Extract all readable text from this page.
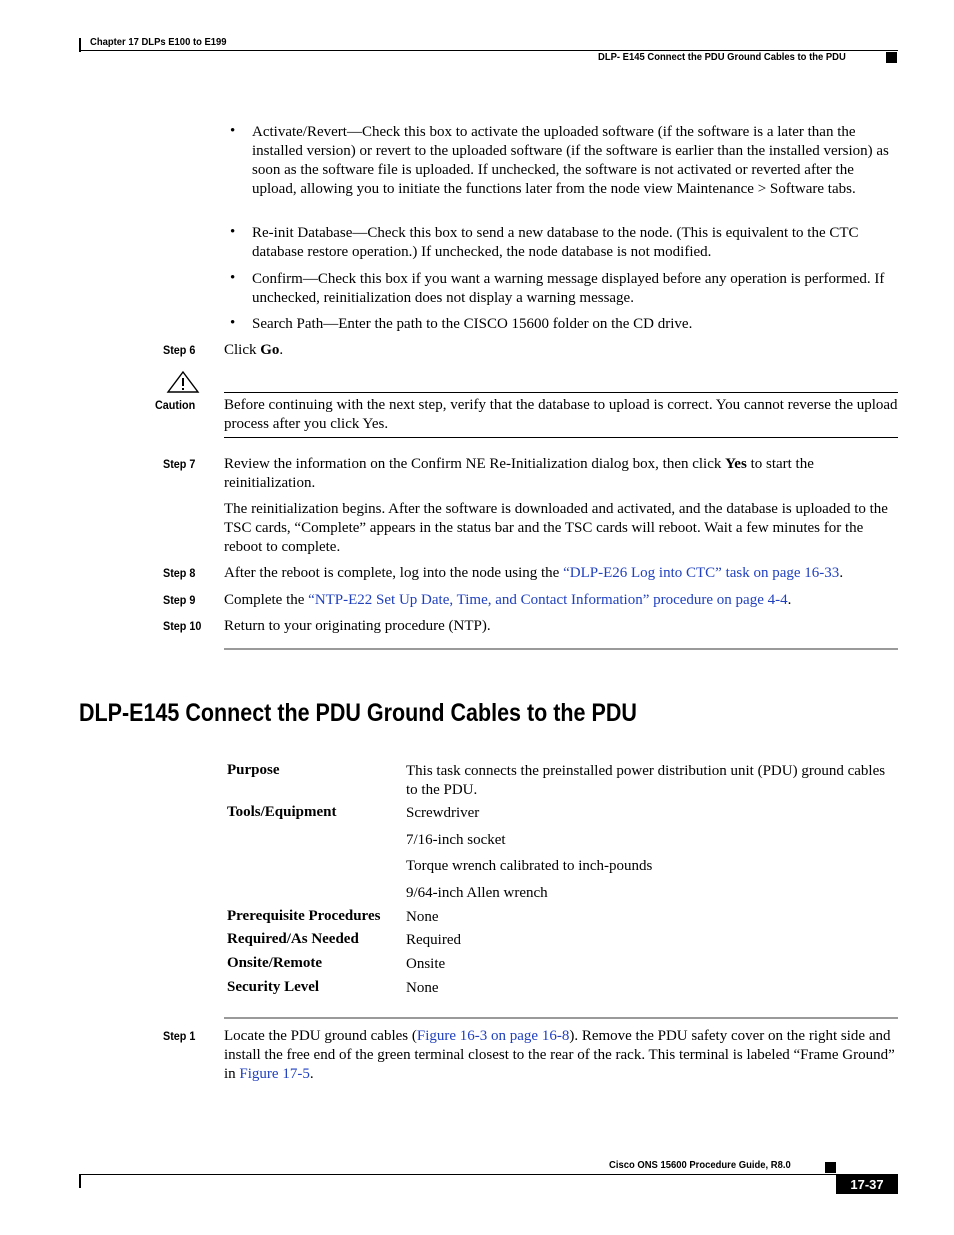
Chapter 17 DLPs E100 to E199
DLP- E145 Connect the PDU Ground Cables to the PDU
• Activate/Revert—Check this box to activate the uploaded software (if the software is a later than the installed version) or revert to the uploaded software (if the software is earlier than the installed version) as soon as the software file is uploaded. If unchecked, the software is not activated or reverted after the upload, allowing you to initiate the functions later from the node view Maintenance > Software tabs.
• Re-init Database—Check this box to send a new database to the node. (This is equivalent to the CTC database restore operation.) If unchecked, the node database is not modified.
• Confirm—Check this box if you want a warning message displayed before any operation is performed. If unchecked, reinitialization does not display a warning message.
• Search Path—Enter the path to the CISCO 15600 folder on the CD drive.
Step 6 Click Go.
Caution Before continuing with the next step, verify that the database to upload is correct. You cannot reverse the upload process after you click Yes.
Step 7 Review the information on the Confirm NE Re-Initialization dialog box, then click Yes to start the reinitialization.
The reinitialization begins. After the software is downloaded and activated, and the database is uploaded to the TSC cards, “Complete” appears in the status bar and the TSC cards will reboot. Wait a few minutes for the reboot to complete.
Step 8 After the reboot is complete, log into the node using the “DLP-E26 Log into CTC” task on page 16-33.
Step 9 Complete the “NTP-E22 Set Up Date, Time, and Contact Information” procedure on page 4-4.
Step 10 Return to your originating procedure (NTP).
DLP-E145 Connect the PDU Ground Cables to the PDU
Purpose	This task connects the preinstalled power distribution unit (PDU) ground cables to the PDU.
Tools/Equipment	Screwdriver
7/16-inch socket
Torque wrench calibrated to inch-pounds
9/64-inch Allen wrench
Prerequisite Procedures None
Required/As Needed	Required
Onsite/Remote	Onsite
Security Level	None
Step 1 Locate the PDU ground cables (Figure 16-3 on page 16-8). Remove the PDU safety cover on the right side and install the free end of the green terminal closest to the rear of the rack. This terminal is labeled “Frame Ground” in Figure 17-5.
Cisco ONS 15600 Procedure Guide, R8.0
17-37
